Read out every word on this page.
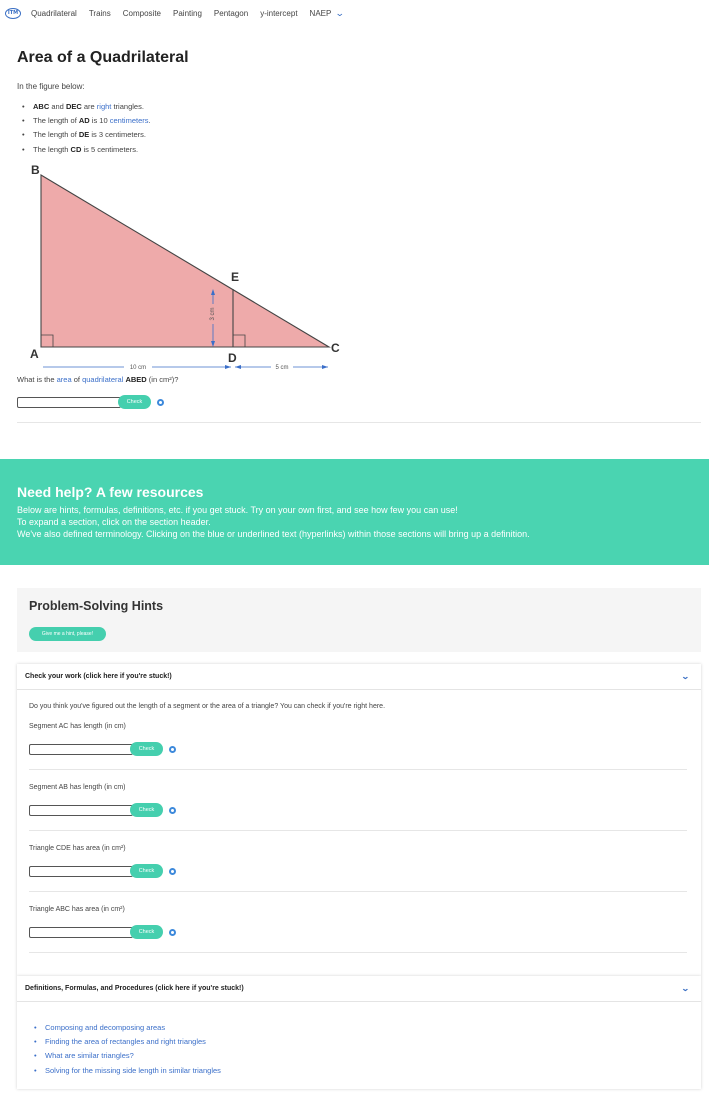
ITM Quadrilateral Trains Composite Painting Pentagon y-intercept NAEP ⌄
Area of a Quadrilateral
In the figure below:
• ABC and DEC are right triangles.
• The length of AD is 10 centimeters.
• The length of DE is 3 centimeters.
• The length CD is 5 centimeters.
3 cm
10 cm	5 cm
B
A
E
D
C
What is the area of quadrilateral ABED (in cm²)?
Check
Need help? A few resources

Below are hints, formulas, definitions, etc. if you get stuck. Try on your own first, and see how few you can use!

To expand a section, click on the section header.

We've also defined terminology. Clicking on the blue or underlined text (hyperlinks) within those sections will bring up a definition.

Problem-Solving Hints
Give me a hint, please!
Check your work (click here if you're stuck!)	⌄
Do you think you've figured out the length of a segment or the area of a triangle? You can check if you're right here.
Segment AC has length (in cm)
Check
Segment AB has length (in cm)
Check
Triangle CDE has area (in cm²)
Check
Triangle ABC has area (in cm²)
Check
Definitions, Formulas, and Procedures (click here if you're stuck!)	⌄
• Composing and decomposing areas
• Finding the area of rectangles and right triangles
• What are similar triangles?
• Solving for the missing side length in similar triangles
